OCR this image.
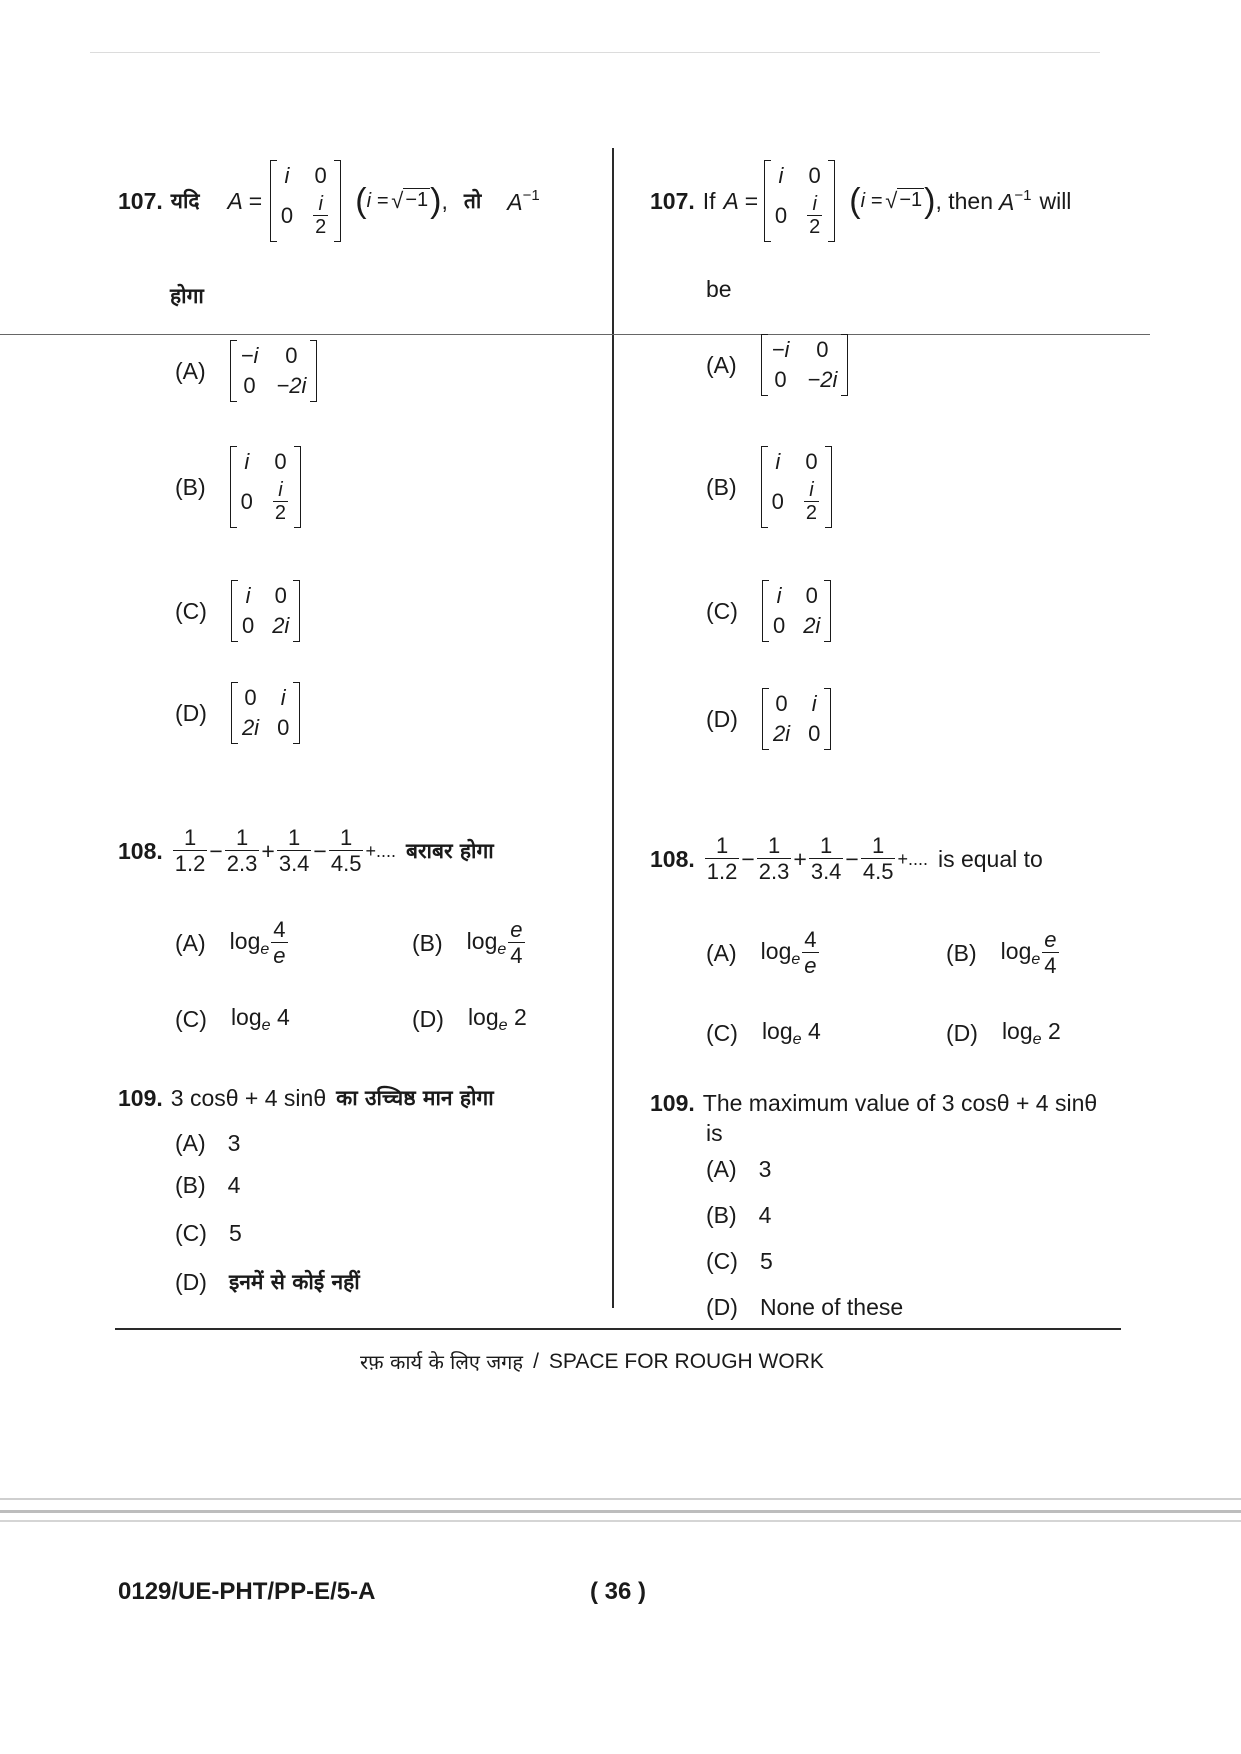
107. यदि A =
i 0
$0 \frac{i}{2}$ ( i = √ −1 ) , तो $A^{-1}$
होगा
(A)
−i 0
0 −2i
(B)
i 0
$0 \frac{i}{2}$
(C)
i 0
0 2i
(D)
0 i
2i 0
108. $\frac{1}{1.2} - \frac{1}{2.3} + \frac{1}{3.4} - \frac{1}{4.5}$ +.... बराबर होगा
(A) $\log_e \frac{4}{e}$	(B) $\log_e \frac{e}{4}$
(C) $\log_e 4$	(D) $\log_e 2$
109. 3 cosθ + 4 sinθ का उच्चिष्ठ मान होगा
(A) 3
(B) 4
(C) 5
(D) इनमें से कोई नहीं
107. If A =
i 0
$0 \frac{i}{2}$ ( i = √ −1 ) , then $A^{-1}$ will
be
(A)
−i 0
0 −2i
(B)
i 0
$0 \frac{i}{2}$
(C)
i 0
0 2i
(D)
0 i
2i 0
108. $\frac{1}{1.2} - \frac{1}{2.3} + \frac{1}{3.4} - \frac{1}{4.5}$ +.... is equal to
(A) $\log_e \frac{4}{e}$	(B) $\log_e \frac{e}{4}$
(C) $\log_e 4$	(D) $\log_e 2$
109. The maximum value of 3 cosθ + 4 sinθ
is
(A) 3
(B) 4
(C) 5
(D) None of these
रफ़ कार्य के लिए जगह / SPACE FOR ROUGH WORK
0129/UE-PHT/PP-E/5-A	( 36 )
